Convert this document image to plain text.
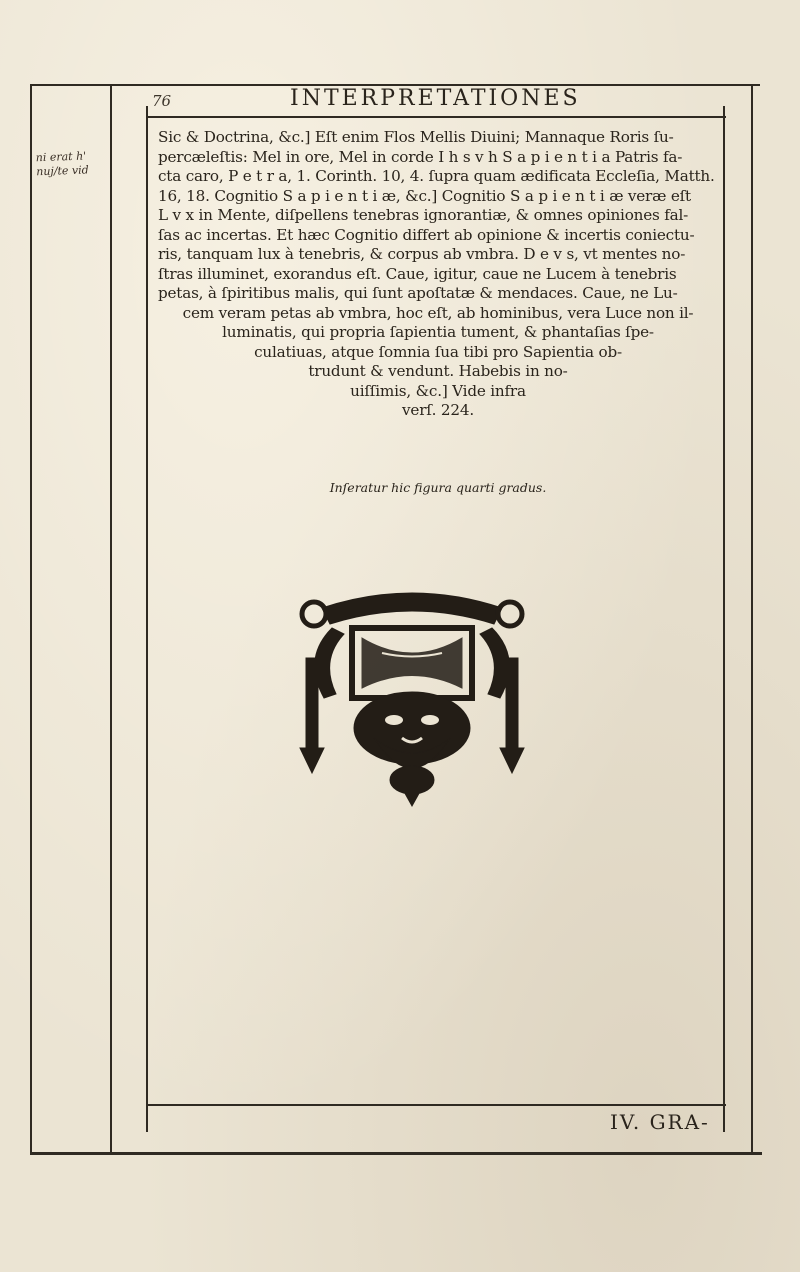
76	INTERPRETATIONES
ni erat h' nuj/te vid
Sic & Doctrina, &c.] Eſt enim Flos Mellis Diuini; Mannaque Roris ſu-
percæleſtis: Mel in ore, Mel in corde I h s v h S a p i e n t i a Patris fa-
cta caro, P e t r a, 1. Corinth. 10, 4. ſupra quam ædificata Eccleſia, Matth.
16, 18. Cognitio S a p i e n t i æ, &c.] Cognitio S a p i e n t i æ veræ eſt
L v x in Mente, diſpellens tenebras ignorantiæ, & omnes opiniones fal-
ſas ac incertas. Et hæc Cognitio differt ab opinione & incertis coniectu-
ris, tanquam lux à tenebris, & corpus ab vmbra. D e v s, vt mentes no-
ſtras illuminet, exorandus eſt. Caue, igitur, caue ne Lucem à tenebris
petas, à ſpiritibus malis, qui ſunt apoſtatæ & mendaces. Caue, ne Lu-
cem veram petas ab vmbra, hoc eſt, ab hominibus, vera Luce non il-
luminatis, qui propria ſapientia tument, & phantaſias ſpe-
culatiuas, atque ſomnia ſua tibi pro Sapientia ob-
trudunt & vendunt. Habebis in no-
uiſſimis, &c.] Vide infra
verſ. 224.
Inſeratur hic figura quarti gradus.
IV. GRA-
